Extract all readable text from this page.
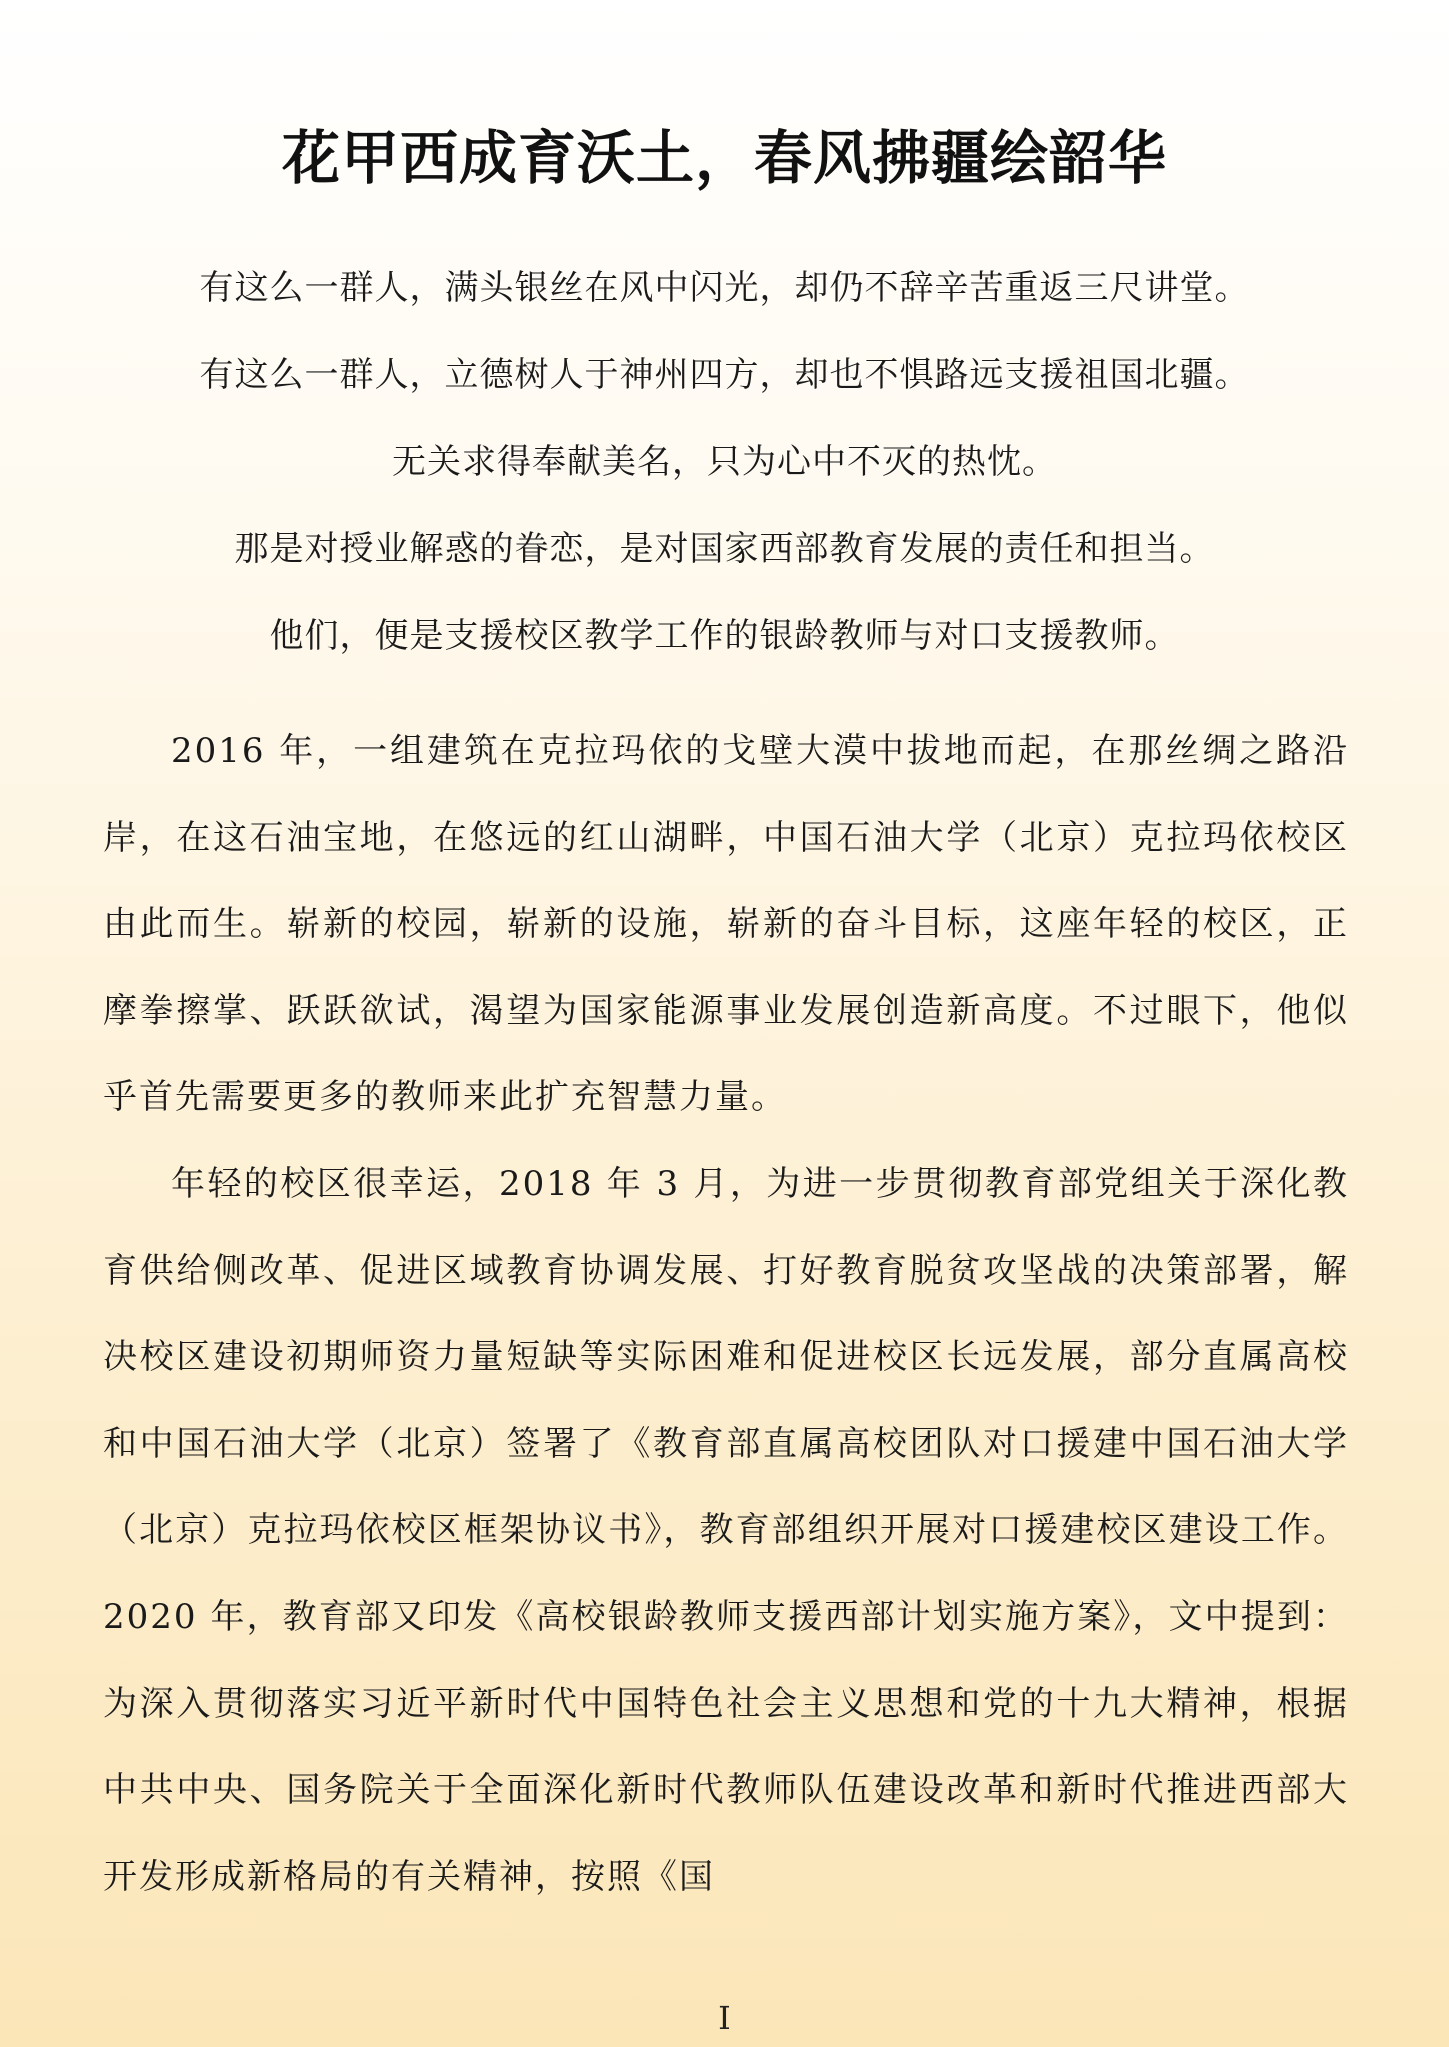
花甲西成育沃土，春风拂疆绘韶华
有这么一群人，满头银丝在风中闪光，却仍不辞辛苦重返三尺讲堂。
有这么一群人，立德树人于神州四方，却也不惧路远支援祖国北疆。
无关求得奉献美名，只为心中不灭的热忱。
那是对授业解惑的眷恋，是对国家西部教育发展的责任和担当。
他们，便是支援校区教学工作的银龄教师与对口支援教师。

2016 年，一组建筑在克拉玛依的戈壁大漠中拔地而起，在那丝绸之路沿岸，在这石油宝地，在悠远的红山湖畔，中国石油大学（北京）克拉玛依校区由此而生。崭新的校园，崭新的设施，崭新的奋斗目标，这座年轻的校区，正摩拳擦掌、跃跃欲试，渴望为国家能源事业发展创造新高度。不过眼下，他似乎首先需要更多的教师来此扩充智慧力量。

年轻的校区很幸运，2018 年 3 月，为进一步贯彻教育部党组关于深化教育供给侧改革、促进区域教育协调发展、打好教育脱贫攻坚战的决策部署，解决校区建设初期师资力量短缺等实际困难和促进校区长远发展，部分直属高校和中国石油大学（北京）签署了《教育部直属高校团队对口援建中国石油大学（北京）克拉玛依校区框架协议书》，教育部组织开展对口援建校区建设工作。2020 年，教育部又印发《高校银龄教师支援西部计划实施方案》，文中提到：为深入贯彻落实习近平新时代中国特色社会主义思想和党的十九大精神，根据中共中央、国务院关于全面深化新时代教师队伍建设改革和新时代推进西部大开发形成新格局的有关精神，按照《国

I
